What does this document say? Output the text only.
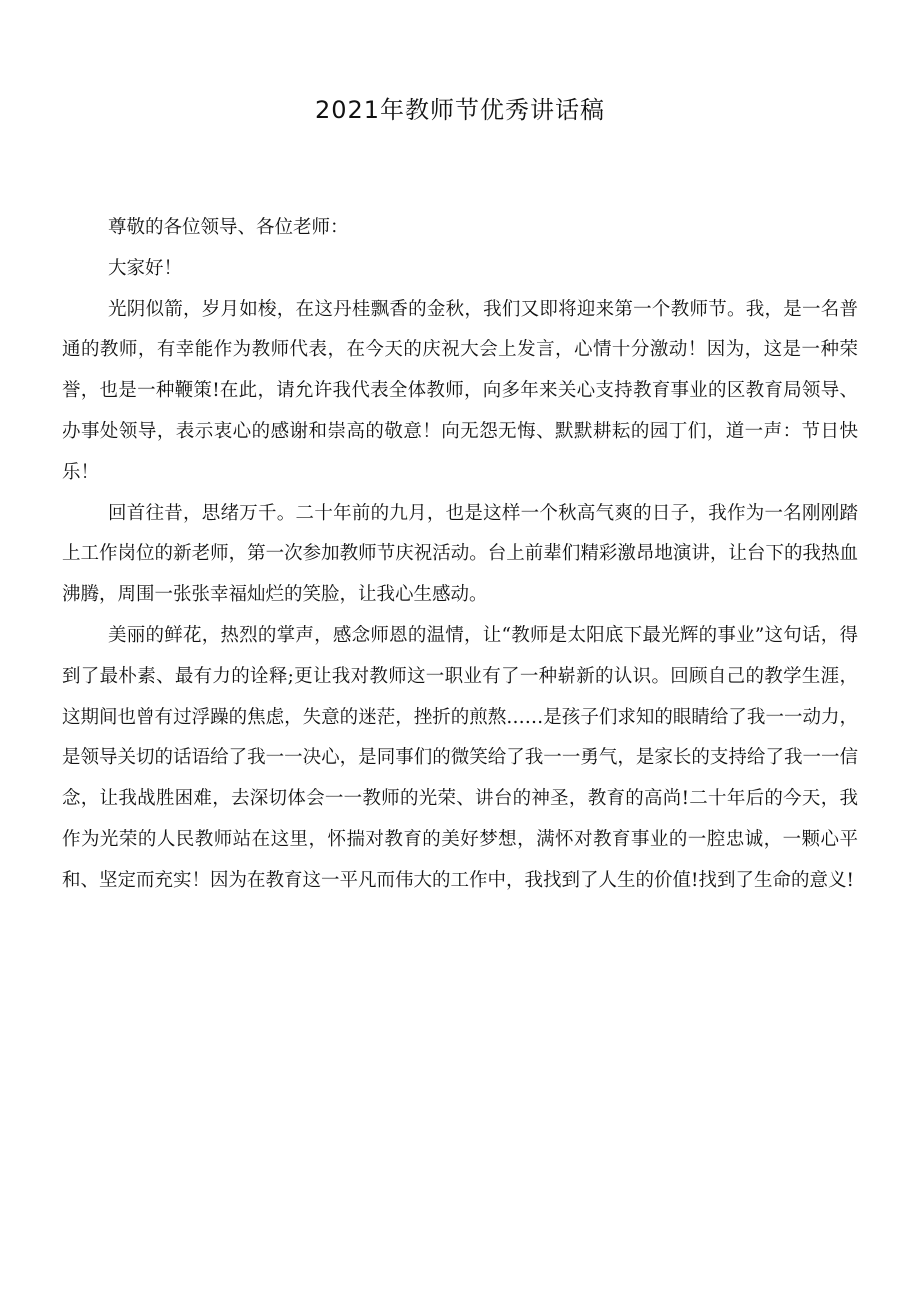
2021年教师节优秀讲话稿

尊敬的各位领导、各位老师：

大家好！

光阴似箭，岁月如梭，在这丹桂飘香的金秋，我们又即将迎来第一个教师节。我，是一名普通的教师，有幸能作为教师代表，在今天的庆祝大会上发言，心情十分激动！因为，这是一种荣誉，也是一种鞭策!在此，请允许我代表全体教师，向多年来关心支持教育事业的区教育局领导、办事处领导，表示衷心的感谢和崇高的敬意！向无怨无悔、默默耕耘的园丁们，道一声：节日快乐！

回首往昔，思绪万千。二十年前的九月，也是这样一个秋高气爽的日子，我作为一名刚刚踏上工作岗位的新老师，第一次参加教师节庆祝活动。台上前辈们精彩激昂地演讲，让台下的我热血沸腾，周围一张张幸福灿烂的笑脸，让我心生感动。

美丽的鲜花，热烈的掌声，感念师恩的温情，让“教师是太阳底下最光辉的事业”这句话，得到了最朴素、最有力的诠释;更让我对教师这一职业有了一种崭新的认识。回顾自己的教学生涯，这期间也曾有过浮躁的焦虑，失意的迷茫，挫折的煎熬……是孩子们求知的眼睛给了我一一动力，是领导关切的话语给了我一一决心，是同事们的微笑给了我一一勇气，是家长的支持给了我一一信念，让我战胜困难，去深切体会一一教师的光荣、讲台的神圣，教育的高尚!二十年后的今天，我作为光荣的人民教师站在这里，怀揣对教育的美好梦想，满怀对教育事业的一腔忠诚，一颗心平和、坚定而充实！因为在教育这一平凡而伟大的工作中，我找到了人生的价值!找到了生命的意义!
